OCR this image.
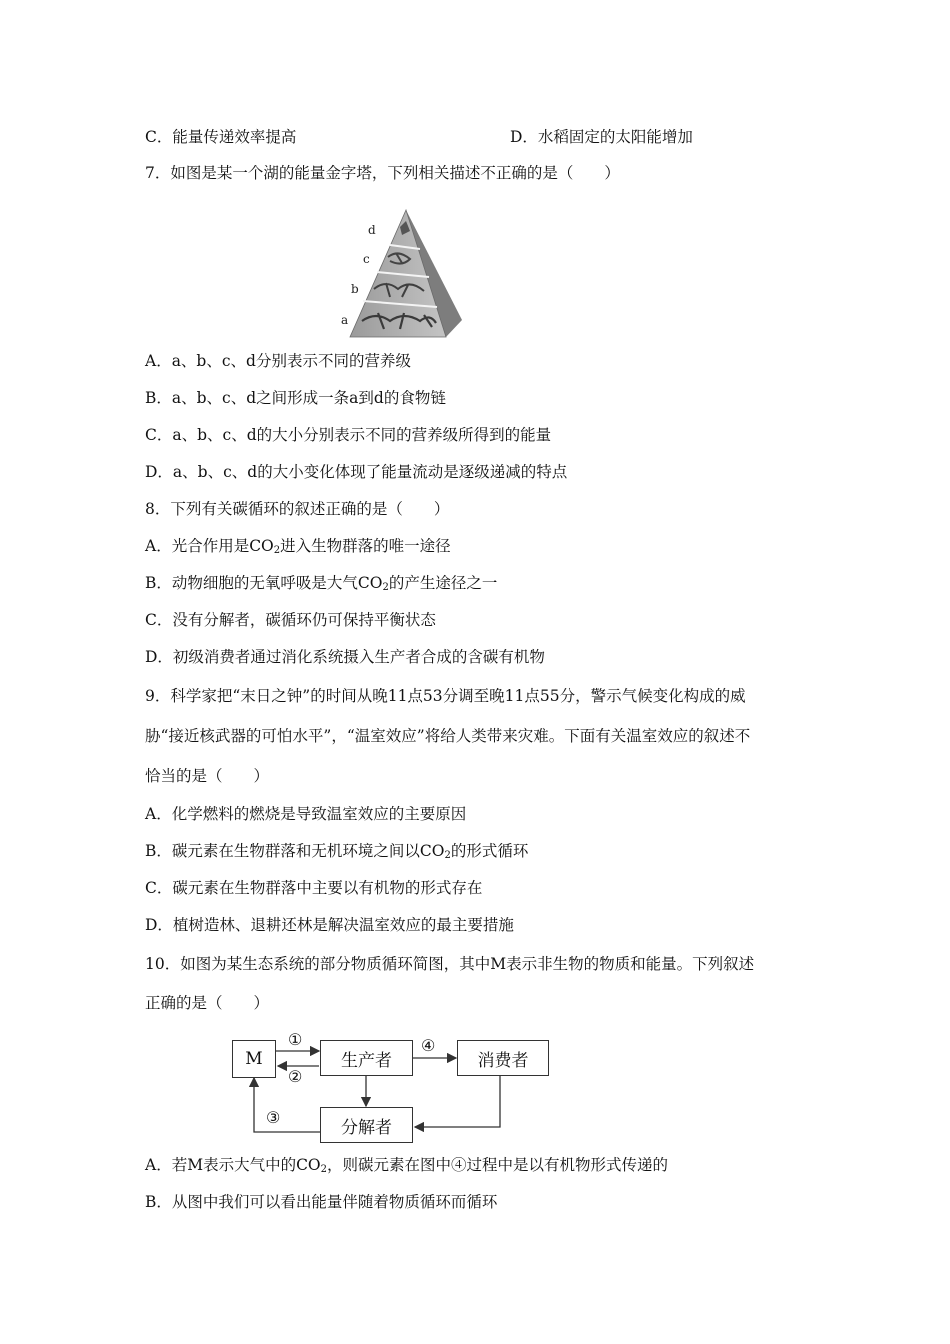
C．能量传递效率提高	D．水稻固定的太阳能增加
7．如图是某一个湖的能量金字塔，下列相关描述不正确的是（　　）
d
c
b
a
A．a、b、c、d分别表示不同的营养级
B．a、b、c、d之间形成一条a到d的食物链
C．a、b、c、d的大小分别表示不同的营养级所得到的能量
D．a、b、c、d的大小变化体现了能量流动是逐级递减的特点
8．下列有关碳循环的叙述正确的是（　　）
A．光合作用是$CO_2$进入生物群落的唯一途径
B．动物细胞的无氧呼吸是大气$CO_2$的产生途径之一
C．没有分解者，碳循环仍可保持平衡状态
D．初级消费者通过消化系统摄入生产者合成的含碳有机物
9．科学家把“末日之钟”的时间从晚11点53分调至晚11点55分，警示气候变化构成的威
胁“接近核武器的可怕水平”，“温室效应”将给人类带来灾难。下面有关温室效应的叙述不
恰当的是（　　）
A．化学燃料的燃烧是导致温室效应的主要原因
B．碳元素在生物群落和无机环境之间以$CO_2$的形式循环
C．碳元素在生物群落中主要以有机物的形式存在
D．植树造林、退耕还林是解决温室效应的最主要措施
10．如图为某生态系统的部分物质循环简图，其中M表示非生物的物质和能量。下列叙述
正确的是（　　）
M	生产者	消费者
分解者
①
②
③
④
A．若M表示大气中的$CO_2$，则碳元素在图中④过程中是以有机物形式传递的
B．从图中我们可以看出能量伴随着物质循环而循环
